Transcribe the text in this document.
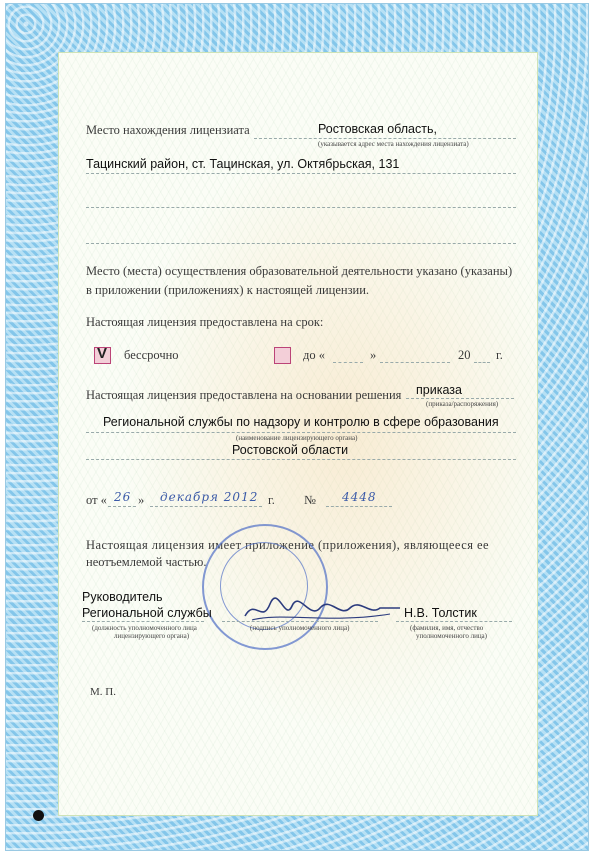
Место нахождения лицензиата	Ростовская область,
(указывается адрес места нахождения лицензиата)
Тацинский район, ст. Тацинская, ул. Октябрьская, 131
Место (места) осуществления образовательной деятельности указано (указаны)
в приложении (приложениях) к настоящей лицензии.
Настоящая лицензия предоставлена на срок:
V бессрочно	до «	»	20 г.
Настоящая лицензия предоставлена на основании решения приказа
(приказа/распоряжения)
Региональной службы по надзору и контролю в сфере образования
(наименование лицензирующего органа)
Ростовской области
от « 26 » декабря 2012 г. № 4448
Настоящая лицензия имеет приложение (приложения), являющееся ее
неотъемлемой частью.
Руководитель
Региональной службы
(должность уполномоченного лица
лицензирующего органа)
(подпись уполномоченного лица)
Н.В. Толстик
(фамилия, имя, отчество
уполномоченного лица)
М. П.
